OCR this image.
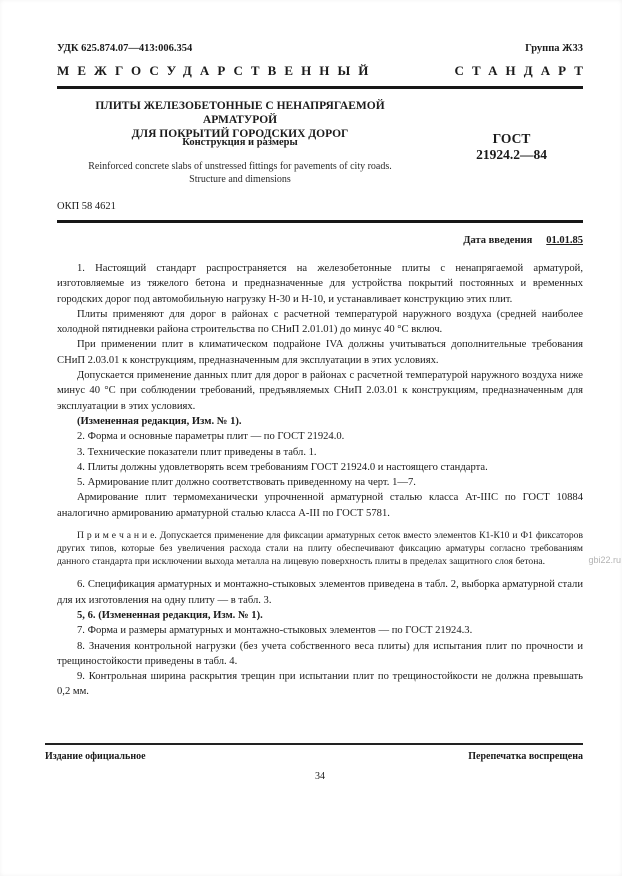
УДК 625.874.07—413:006.354	Группа Ж33
МЕЖГОСУДАРСТВЕННЫЙ	СТАНДАРТ
ПЛИТЫ ЖЕЛЕЗОБЕТОННЫЕ С НЕНАПРЯГАЕМОЙ АРМАТУРОЙ
ДЛЯ ПОКРЫТИЙ ГОРОДСКИХ ДОРОГ	ГОСТ
21924.2—84
Конструкция и размеры
Reinforced concrete slabs of unstressed fittings for pavements of city roads.
Structure and dimensions
ОКП 58 4621
Дата введения 01.01.85

1. Настоящий стандарт распространяется на железобетонные плиты с ненапрягаемой арматурой, изготовляемые из тяжелого бетона и предназначенные для устройства покрытий постоянных и временных городских дорог под автомобильную нагрузку Н-30 и Н-10, и устанавливает конструкцию этих плит.

Плиты применяют для дорог в районах с расчетной температурой наружного воздуха (средней наиболее холодной пятидневки района строительства по СНиП 2.01.01) до минус 40 °С включ.

При применении плит в климатическом подрайоне IVA должны учитываться дополнительные требования СНиП 2.03.01 к конструкциям, предназначенным для эксплуатации в этих условиях.

Допускается применение данных плит для дорог в районах с расчетной температурой наружного воздуха ниже минус 40 °С при соблюдении требований, предъявляемых СНиП 2.03.01 к конструкциям, предназначенным для эксплуатации в этих условиях.

(Измененная редакция, Изм. № 1).

2. Форма и основные параметры плит — по ГОСТ 21924.0.

3. Технические показатели плит приведены в табл. 1.

4. Плиты должны удовлетворять всем требованиям ГОСТ 21924.0 и настоящего стандарта.

5. Армирование плит должно соответствовать приведенному на черт. 1—7.

Армирование плит термомеханически упрочненной арматурной сталью класса Ат-IIIC по ГОСТ 10884 аналогично армированию арматурной сталью класса А-III по ГОСТ 5781.

П р и м е ч а н и е. Допускается применение для фиксации арматурных сеток вместо элементов К1-К10 и Ф1 фиксаторов других типов, которые без увеличения расхода стали на плиту обеспечивают фиксацию арматуры согласно требованиям данного стандарта при исключении выхода металла на лицевую поверхность плиты в пределах защитного слоя бетона.

6. Спецификация арматурных и монтажно-стыковых элементов приведена в табл. 2, выборка арматурной стали для их изготовления на одну плиту — в табл. 3.

5, 6. (Измененная редакция, Изм. № 1).

7. Форма и размеры арматурных и монтажно-стыковых элементов — по ГОСТ 21924.3.

8. Значения контрольной нагрузки (без учета собственного веса плиты) для испытания плит по прочности и трещиностойкости приведены в табл. 4.

9. Контрольная ширина раскрытия трещин при испытании плит по трещиностойкости не должна превышать 0,2 мм.

Издание официальное	Перепечатка воспрещена
34
gbi22.ru
